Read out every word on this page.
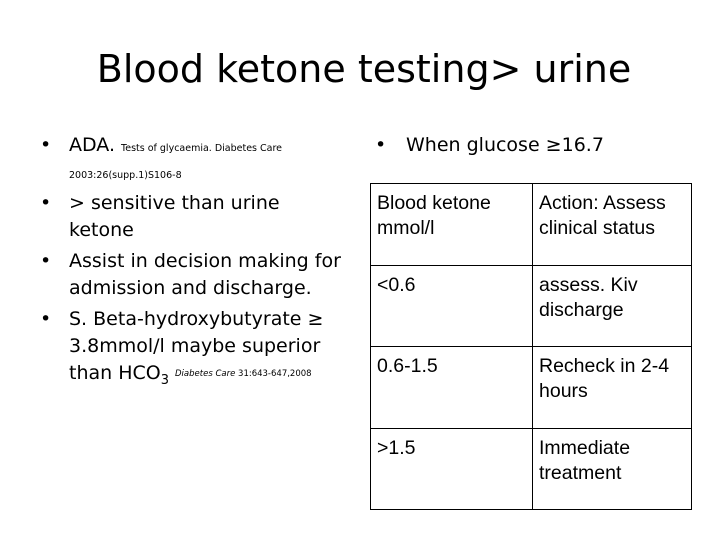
Blood ketone testing> urine
• ADA. Tests of glycaemia. Diabetes Care
2003:26(supp.1)S106-8
• > sensitive than urine
ketone
• Assist in decision making for
admission and discharge.
• S. Beta-hydroxybutyrate ≥
3.8mmol/l maybe superior
than $HCO_3$ Diabetes Care 31:643-647,2008
• When glucose ≥16.7
Blood ketone mmol/l	Action: Assess clinical status
<0.6	assess. Kiv discharge
0.6-1.5	Recheck in 2-4 hours
>1.5	Immediate treatment
